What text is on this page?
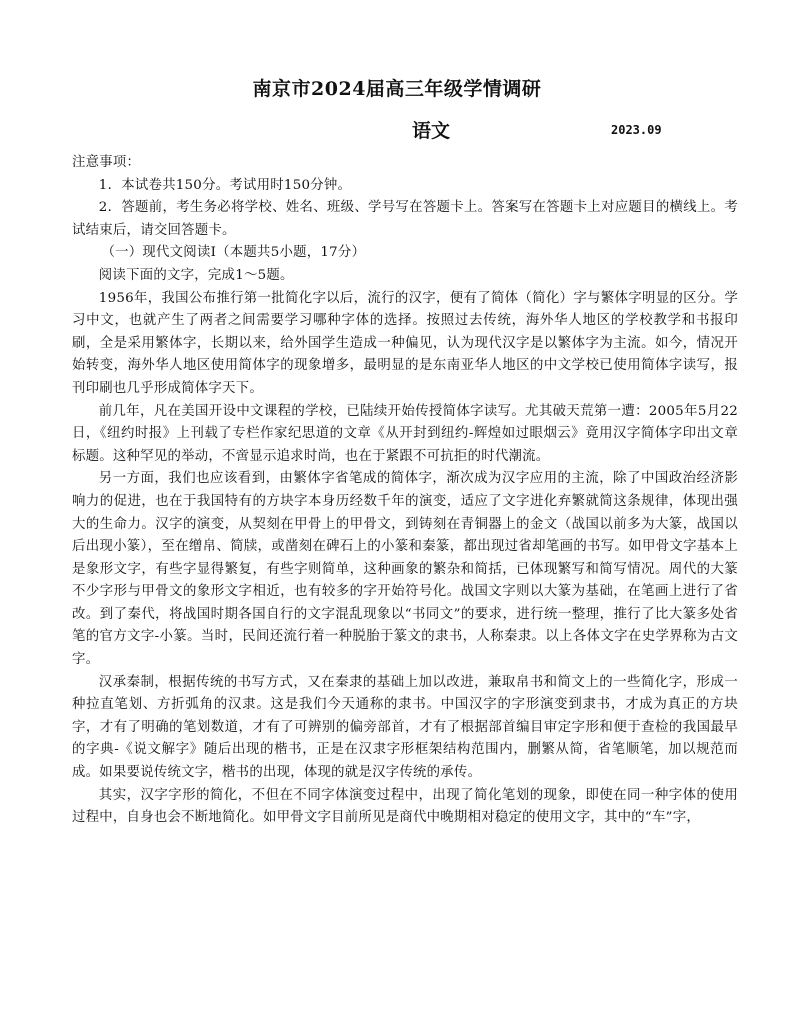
南京市2024届高三年级学情调研
语文	2023.09

注意事项：

1．本试卷共150分。考试用时150分钟。

2．答题前，考生务必将学校、姓名、班级、学号写在答题卡上。答案写在答题卡上对应题目的横线上。考试结束后，请交回答题卡。

（一）现代文阅读I（本题共5小题，17分）

阅读下面的文字，完成1～5题。

1956年，我国公布推行第一批简化字以后，流行的汉字，便有了简体（简化）字与繁体字明显的区分。学习中文，也就产生了两者之间需要学习哪种字体的选择。按照过去传统，海外华人地区的学校教学和书报印刷，全是采用繁体字，长期以来，给外国学生造成一种偏见，认为现代汉字是以繁体字为主流。如今，情况开始转变，海外华人地区使用简体字的现象增多，最明显的是东南亚华人地区的中文学校已使用简体字读写，报刊印刷也几乎形成简体字天下。

前几年，凡在美国开设中文课程的学校，已陆续开始传授简体字读写。尤其破天荒第一遭：2005年5月22日，《纽约时报》上刊载了专栏作家纪思道的文章《从开封到纽约-辉煌如过眼烟云》竟用汉字简体字印出文章标题。这种罕见的举动，不啻显示追求时尚，也在于紧跟不可抗拒的时代潮流。

另一方面，我们也应该看到，由繁体字省笔成的简体字，渐次成为汉字应用的主流，除了中国政治经济影响力的促进，也在于我国特有的方块字本身历经数千年的演变，适应了文字进化弃繁就简这条规律，体现出强大的生命力。汉字的演变，从契刻在甲骨上的甲骨文，到铸刻在青铜器上的金文（战国以前多为大篆，战国以后出现小篆），至在缯帛、简牍，或凿刻在碑石上的小篆和秦篆，都出现过省却笔画的书写。如甲骨文字基本上是象形文字，有些字显得繁复，有些字则简单，这种画象的繁杂和简括，已体现繁写和简写情况。周代的大篆不少字形与甲骨文的象形文字相近，也有较多的字开始符号化。战国文字则以大篆为基础，在笔画上进行了省改。到了秦代，将战国时期各国自行的文字混乱现象以“书同文”的要求，进行统一整理，推行了比大篆多处省笔的官方文字-小篆。当时，民间还流行着一种脱胎于篆文的隶书，人称秦隶。以上各体文字在史学界称为古文字。

汉承秦制，根据传统的书写方式，又在秦隶的基础上加以改进，兼取帛书和简文上的一些简化字，形成一种拉直笔划、方折弧角的汉隶。这是我们今天通称的隶书。中国汉字的字形演变到隶书，才成为真正的方块字，才有了明确的笔划数道，才有了可辨别的偏旁部首，才有了根据部首编目审定字形和便于查检的我国最早的字典-《说文解字》随后出现的楷书，正是在汉隶字形框架结构范围内，删繁从简，省笔顺笔，加以规范而成。如果要说传统文字，楷书的出现，体现的就是汉字传统的承传。

其实，汉字字形的简化，不但在不同字体演变过程中，出现了简化笔划的现象，即使在同一种字体的使用过程中，自身也会不断地简化。如甲骨文字目前所见是商代中晚期相对稳定的使用文字，其中的“车”字，
